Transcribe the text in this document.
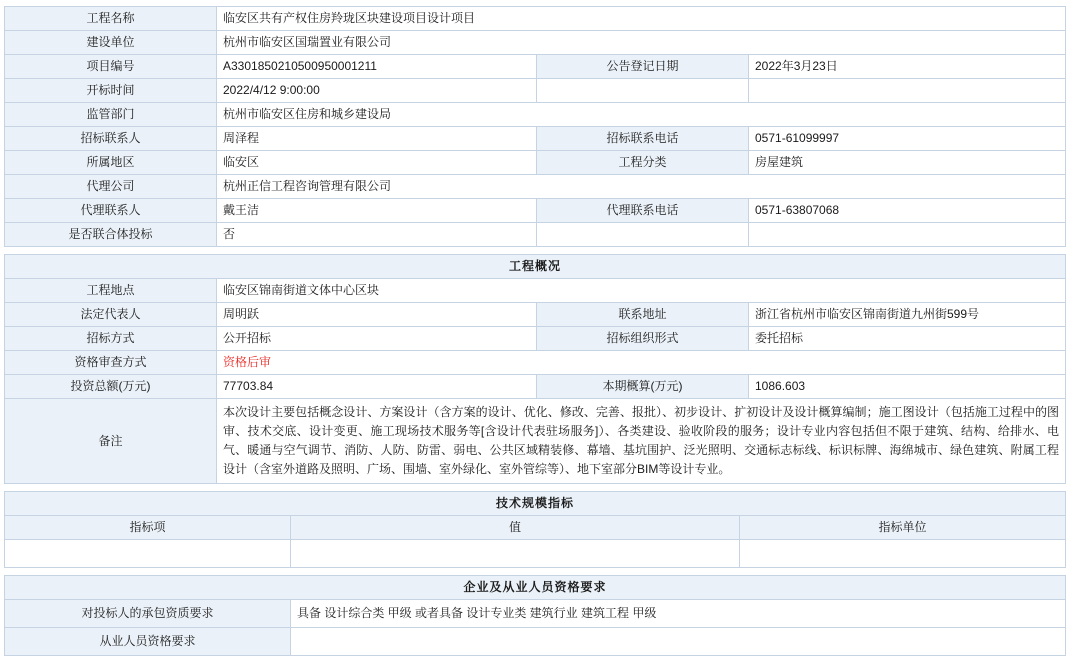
工程名称	临安区共有产权住房羚珑区块建设项目设计项目		
建设单位	杭州市临安区国瑞置业有限公司		
项目编号	A3301850210500950001211	公告登记日期	2022年3月23日
开标时间	2022/4/12 9:00:00		
监管部门	杭州市临安区住房和城乡建设局		
招标联系人	周泽程	招标联系电话	0571-61099997
所属地区	临安区	工程分类	房屋建筑
代理公司	杭州正信工程咨询管理有限公司		
代理联系人	戴王洁	代理联系电话	0571-63807068
是否联合体投标	否		
工程概况			
工程地点	临安区锦南街道文体中心区块		
法定代表人	周明跃	联系地址	浙江省杭州市临安区锦南街道九州街599号
招标方式	公开招标	招标组织形式	委托招标
资格审查方式	资格后审		
投资总额(万元)	77703.84	本期概算(万元)	1086.603
备注	本次设计主要包括概念设计、方案设计（含方案的设计、优化、修改、完善、报批）、初步设计、扩初设计及设计概算编制；施工图设计（包括施工过程中的图审、技术交底、设计变更、施工现场技术服务等[含设计代表驻场服务]）、各类建设、验收阶段的服务；设计专业内容包括但不限于建筑、结构、给排水、电气、暖通与空气调节、消防、人防、防雷、弱电、公共区域精装修、幕墙、基坑围护、泛光照明、交通标志标线、标识标牌、海绵城市、绿色建筑、附属工程设计（含室外道路及照明、广场、围墙、室外绿化、室外管综等）、地下室部分BIM等设计专业。		
技术规模指标		
指标项	值	指标单位

企业及从业人员资格要求	
对投标人的承包资质要求	具备 设计综合类 甲级 或者具备 设计专业类 建筑行业 建筑工程 甲级
从业人员资格要求	
